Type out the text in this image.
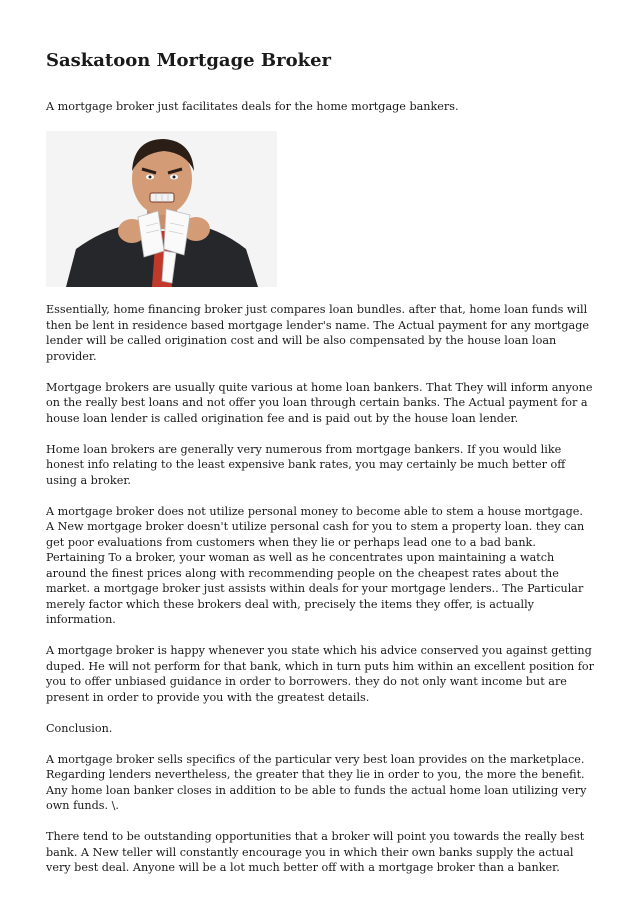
Saskatoon Mortgage Broker

A mortgage broker just facilitates deals for the home mortgage bankers.

Essentially, home financing broker just compares loan bundles. after that, home loan funds will then be lent in residence based mortgage lender's name. The Actual payment for any mortgage lender will be called origination cost and will be also compensated by the house loan loan provider.

Mortgage brokers are usually quite various at home loan bankers. That They will inform anyone on the really best loans and not offer you loan through certain banks. The Actual payment for a house loan lender is called origination fee and is paid out by the house loan lender.

Home loan brokers are generally very numerous from mortgage bankers. If you would like honest info relating to the least expensive bank rates, you may certainly be much better off using a broker.

A mortgage broker does not utilize personal money to become able to stem a house mortgage. A New mortgage broker doesn't utilize personal cash for you to stem a property loan. they can get poor evaluations from customers when they lie or perhaps lead one to a bad bank. Pertaining To a broker, your woman as well as he concentrates upon maintaining a watch around the finest prices along with recommending people on the cheapest rates about the market. a mortgage broker just assists within deals for your mortgage lenders.. The Particular merely factor which these brokers deal with, precisely the items they offer, is actually information.

A mortgage broker is happy whenever you state which his advice conserved you against getting duped. He will not perform for that bank, which in turn puts him within an excellent position for you to offer unbiased guidance in order to borrowers. they do not only want income but are present in order to provide you with the greatest details.

Conclusion.

A mortgage broker sells specifics of the particular very best loan provides on the marketplace. Regarding lenders nevertheless, the greater that they lie in order to you, the more the benefit. Any home loan banker closes in addition to be able to funds the actual home loan utilizing very own funds. \.

There tend to be outstanding opportunities that a broker will point you towards the really best bank. A New teller will constantly encourage you in which their own banks supply the actual very best deal. Anyone will be a lot much better off with a mortgage broker than a banker.
